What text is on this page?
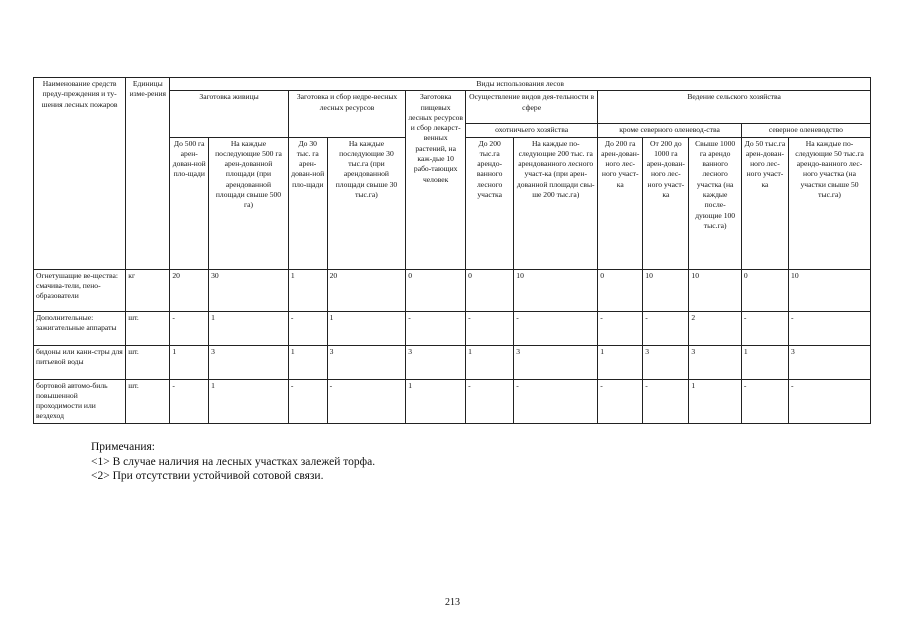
Наименование средств преду-преждения и ту-шения лесных пожаров	Единицы изме-рения	Виды использования лесов											
		Заготовка живицы		Заготовка и сбор недре-весных лесных ресурсов		Заготовка пищевых лесных ресурсов и сбор лекарст-венных растений, на каж-дые 10 рабо-тающих человек	Осуществление видов дея-тельности в сфере		Ведение сельского хозяйства				
							охотничьего хозяйства		кроме северного оленевод-ства			северное оленеводство	
		До 500 га арен-дован-ной пло-щади	На каждые последующие 500 га арен-дованной площади (при арендованной площади свыше 500 га)	До 30 тыс. га арен-дован-ной пло-щади	На каждые последующие 30 тыс.га (при арендованной площади свыше 30 тыс.га)		До 200 тыс.га арендо-ванного лесного участка	На каждые по-следующие 200 тыс. га арендованного лесного участ-ка (при арен-дованной площади свы-ше 200 тыс.га)	До 200 га арен-дован-ного лес-ного участ-ка	От 200 до 1000 га арен-дован-ного лес-ного участ-ка	Свыше 1000 га арендо ванного лесного участка (на каждые после-дующие 100 тыс.га)	До 50 тыс.га арен-дован-ного лес-ного участ-ка	На каждые по-следующие 50 тыс.га арендо-ванного лес-ного участка (на участки свыше 50 тыс.га)
Огнетушащие ве-щества: смачива-тели, пено-образователи	кг	20	30	1	20	0	0	10	0	10	10	0	10
Дополнительные: зажигательные аппараты	шт.	-	1	-	1	-	-	-	-	-	2	-	-
бидоны или кани-стры для питьевой воды	шт.	1	3	1	3	3	1	3	1	3	3	1	3
бортовой автомо-биль повышенной проходимости или вездеход	шт.	-	1	-	-	1	-	-	-	-	1	-	-
Примечания:
<1> В случае наличия на лесных участках залежей торфа.
<2> При отсутствии устойчивой сотовой связи.
213
